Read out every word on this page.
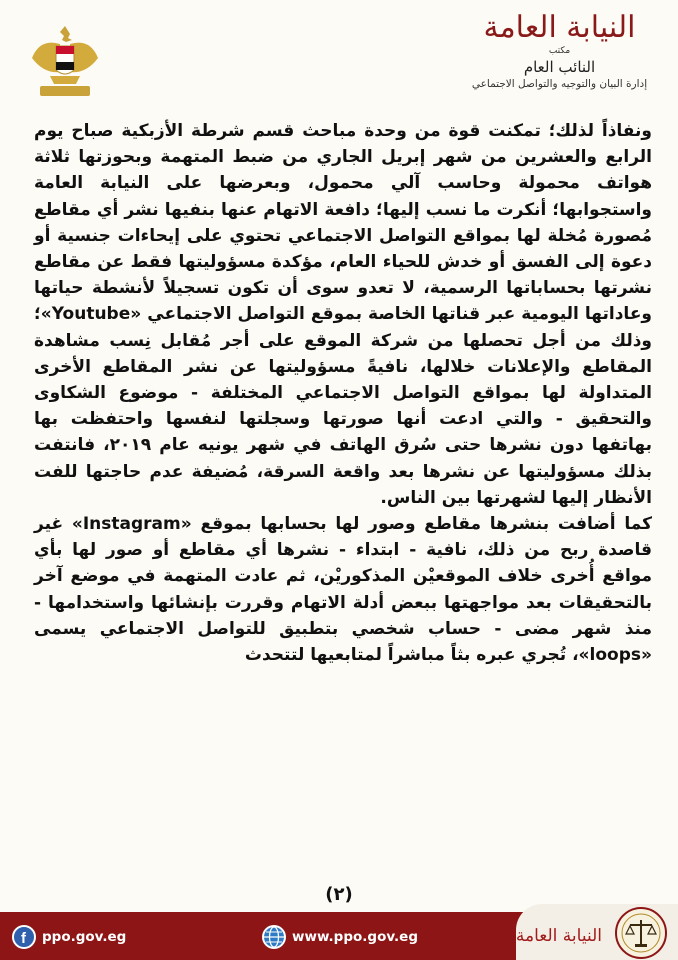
النيابة العامة
مكتب
النائب العام
إدارة البيان والتوجيه والتواصل الاجتماعي

ونفاذاً لذلك؛ تمكنت قوة من وحدة مباحث قسم شرطة الأزبكية صباح يوم الرابع والعشرين من شهر إبريل الجاري من ضبط المتهمة وبحوزتها ثلاثة هواتف محمولة وحاسب آلي محمول، وبعرضها على النيابة العامة واستجوابها؛ أنكرت ما نسب إليها؛ دافعة الاتهام عنها بنفيها نشر أي مقاطع مُصورة مُخلة لها بمواقع التواصل الاجتماعي تحتوي على إيحاءات جنسية أو دعوة إلى الفسق أو خدش للحياء العام، مؤكدة مسؤوليتها فقط عن مقاطع نشرتها بحساباتها الرسمية، لا تعدو سوى أن تكون تسجيلاً لأنشطة حياتها وعاداتها اليومية عبر قناتها الخاصة بموقع التواصل الاجتماعي «Youtube»؛ وذلك من أجل تحصلها من شركة الموقع على أجر مُقابل نِسب مشاهدة المقاطع والإعلانات خلالها، نافيةً مسؤوليتها عن نشر المقاطع الأخرى المتداولة لها بمواقع التواصل الاجتماعي المختلفة - موضوع الشكاوى والتحقيق - والتي ادعت أنها صورتها وسجلتها لنفسها واحتفظت بها بهاتفها دون نشرها حتى سُرق الهاتف في شهر يونيه عام ٢٠١٩، فانتفت بذلك مسؤوليتها عن نشرها بعد واقعة السرقة، مُضيفة عدم حاجتها للفت الأنظار إليها لشهرتها بين الناس.

كما أضافت بنشرها مقاطع وصور لها بحسابها بموقع «Instagram» غير قاصدة ربح من ذلك، نافية - ابتداء - نشرها أي مقاطع أو صور لها بأي مواقع أُخرى خلاف الموقعيْن المذكوريْن، ثم عادت المتهمة في موضع آخر بالتحقيقات بعد مواجهتها ببعض أدلة الاتهام وقررت بإنشائها واستخدامها - منذ شهر مضى - حساب شخصي بتطبيق للتواصل الاجتماعي يسمى «loops»، تُجري عبره بثاً مباشراً لمتابعيها لتتحدث

(٢)
f ppo.gov.eg	www.ppo.gov.eg	النيابة العامة
